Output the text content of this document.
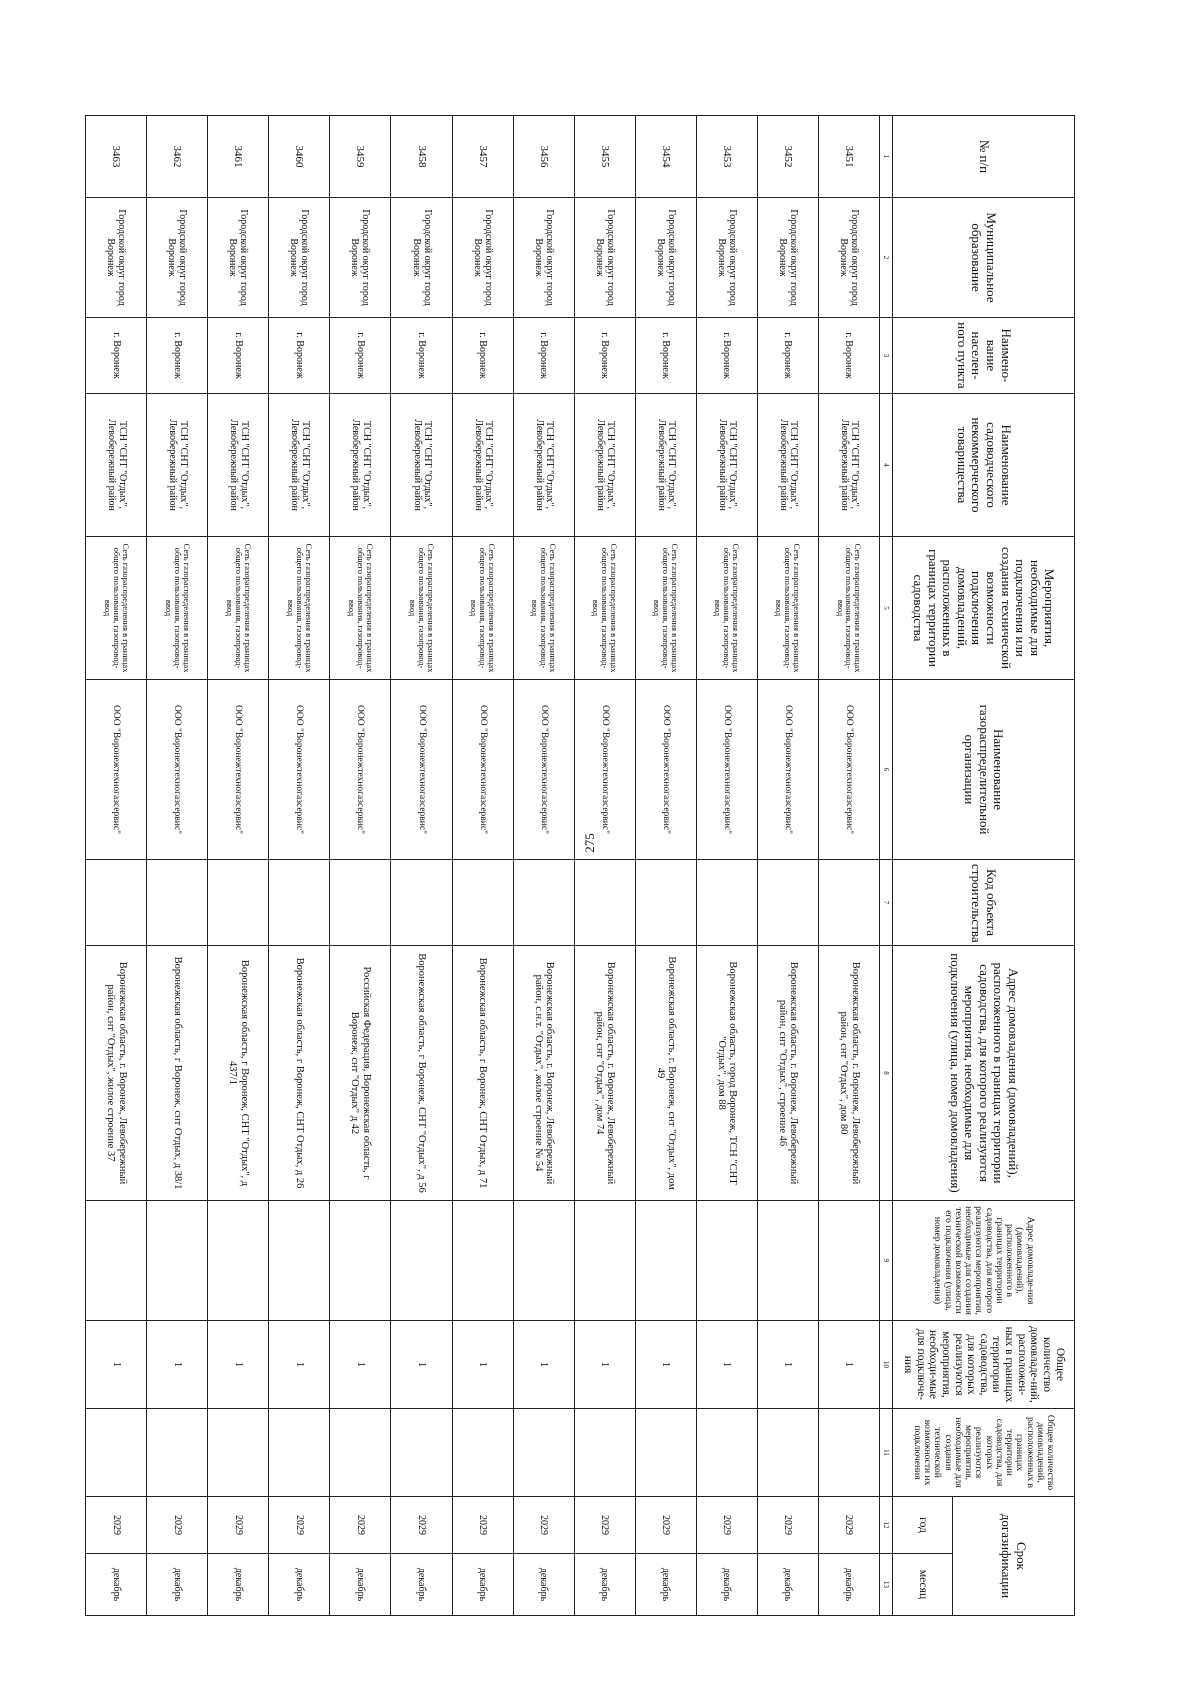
275
№ п/п	Муниципальное образование	Наимено-вание населен-ного пункта	Наименование садоводческого некоммерческого товарищества	Мероприятия, необходимые для подключения или создания технической возможности подключения домовладений, расположенных в границах территории садоводства	Наименование газораспределительной организации	Код объекта строительства	Адрес домовладения (домовладений), расположенного в границах территории садоводства, для которого реализуются мероприятия, необходимые для подключения (улица, номер домовладения)	Адрес домовладе-ния (домовладений), расположенного в границах территории садоводства, для которого реализуются мероприятия, необходимые для создания технической возможности его подключения (улица, номер домовладения)	Общее количество домовладе-ний, расположен-ных в границах территории садоводства, для которых реализуются мероприятия, необходи-мые для подключе-ния	Общее количество домовладений, расположенных в границах территории садоводства, для которых реализуются мероприятия, необходимые для создания технической возможности их подключения	Срок догазификации	
											год	месяц
1	2	3	4	5	6	7	8	9	10	11	12	13
3451	Городской округ город Воронеж	г. Воронеж	ТСН "СНТ "Отдых", Левобережный район	Сеть газораспределения в границах общего пользования, газопровод-ввод	ООО "Воронежтехногазсервис"		Воронежская область, г. Воронеж, Левобережный район, снт "Отдых", дом 80		1		2029	декабрь
3452	Городской округ город Воронеж	г. Воронеж	ТСН "СНТ "Отдых", Левобережный район	Сеть газораспределения в границах общего пользования, газопровод-ввод	ООО "Воронежтехногазсервис"		Воронежская область, г. Воронеж, Левобережный район, снт "Отдых", строение 46		1		2029	декабрь
3453	Городской округ город Воронеж	г. Воронеж	ТСН "СНТ "Отдых", Левобережный район	Сеть газораспределения в границах общего пользования, газопровод-ввод	ООО "Воронежтехногазсервис"		Воронежская область, город Воронеж, ТСН "СНТ "Отдых", дом 88		1		2029	декабрь
3454	Городской округ город Воронеж	г. Воронеж	ТСН "СНТ "Отдых", Левобережный район	Сеть газораспределения в границах общего пользования, газопровод-ввод	ООО "Воронежтехногазсервис"		Воронежская область, г. Воронеж, снт "Отдых", дом 49		1		2029	декабрь
3455	Городской округ город Воронеж	г. Воронеж	ТСН "СНТ "Отдых", Левобережный район	Сеть газораспределения в границах общего пользования, газопровод-ввод	ООО "Воронежтехногазсервис"		Воронежская область, г. Воронеж, Левобережный район, снт "Отдых", дом 74		1		2029	декабрь
3456	Городской округ город Воронеж	г. Воронеж	ТСН "СНТ "Отдых", Левобережный район	Сеть газораспределения в границах общего пользования, газопровод-ввод	ООО "Воронежтехногазсервис"		Воронежская область, г. Воронеж, Левобережный район, с.н.т. "Отдых", жилое строение № 54		1		2029	декабрь
3457	Городской округ город Воронеж	г. Воронеж	ТСН "СНТ "Отдых", Левобережный район	Сеть газораспределения в границах общего пользования, газопровод-ввод	ООО "Воронежтехногазсервис"		Воронежская область, г Воронеж, СНТ Отдых, д 71		1		2029	декабрь
3458	Городской округ город Воронеж	г. Воронеж	ТСН "СНТ "Отдых", Левобережный район	Сеть газораспределения в границах общего пользования, газопровод-ввод	ООО "Воронежтехногазсервис"		Воронежская область, г Воронеж, СНТ "Отдых", д 56		1		2029	декабрь
3459	Городской округ город Воронеж	г. Воронеж	ТСН "СНТ "Отдых", Левобережный район	Сеть газораспределения в границах общего пользования, газопровод-ввод	ООО "Воронежтехногазсервис"		Российская Федерация, Воронежская область, г Воронеж, снт "Отдых" д 42		1		2029	декабрь
3460	Городской округ город Воронеж	г. Воронеж	ТСН "СНТ "Отдых", Левобережный район	Сеть газораспределения в границах общего пользования, газопровод-ввод	ООО "Воронежтехногазсервис"		Воронежская область, г Воронеж, СНТ Отдых, д 26		1		2029	декабрь
3461	Городской округ город Воронеж	г. Воронеж	ТСН "СНТ "Отдых", Левобережный район	Сеть газораспределения в границах общего пользования, газопровод-ввод	ООО "Воронежтехногазсервис"		Воронежская область, г Воронеж, СНТ "Отдых", д 437/1		1		2029	декабрь
3462	Городской округ город Воронеж	г. Воронеж	ТСН "СНТ "Отдых", Левобережный район	Сеть газораспределения в границах общего пользования, газопровод-ввод	ООО "Воронежтехногазсервис"		Воронежская область, г Воронеж, снт Отдых, д 38/1		1		2029	декабрь
3463	Городской округ город Воронеж	г. Воронеж	ТСН "СНТ "Отдых", Левобережный район	Сеть газораспределения в границах общего пользования, газопровод-ввод	ООО "Воронежтехногазсервис"		Воронежская область, г. Воронеж, Левобережный район, снт "Отдых", жилое строение 37		1		2029	декабрь
